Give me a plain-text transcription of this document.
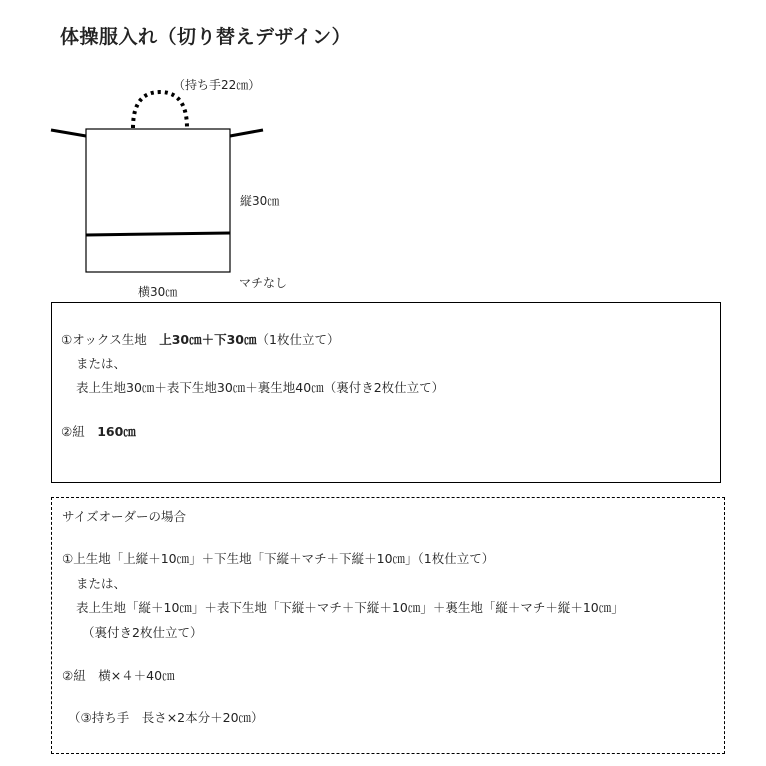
体操服入れ（切り替えデザイン）
（持ち手22㎝）
縦30㎝
横30㎝
マチなし
①オックス生地　上30㎝＋下30㎝（1枚仕立て）
または、
表上生地30㎝＋表下生地30㎝＋裏生地40㎝（裏付き2枚仕立て）
②紐　160㎝
サイズオーダーの場合
①上生地「上縦＋10㎝」＋下生地「下縦＋マチ＋下縦＋10㎝」（1枚仕立て）
または、
表上生地「縦＋10㎝」＋表下生地「下縦＋マチ＋下縦＋10㎝」＋裏生地「縦＋マチ＋縦＋10㎝」
（裏付き2枚仕立て）
②紐　横×４＋40㎝
（③持ち手　長さ×2本分＋20㎝）
